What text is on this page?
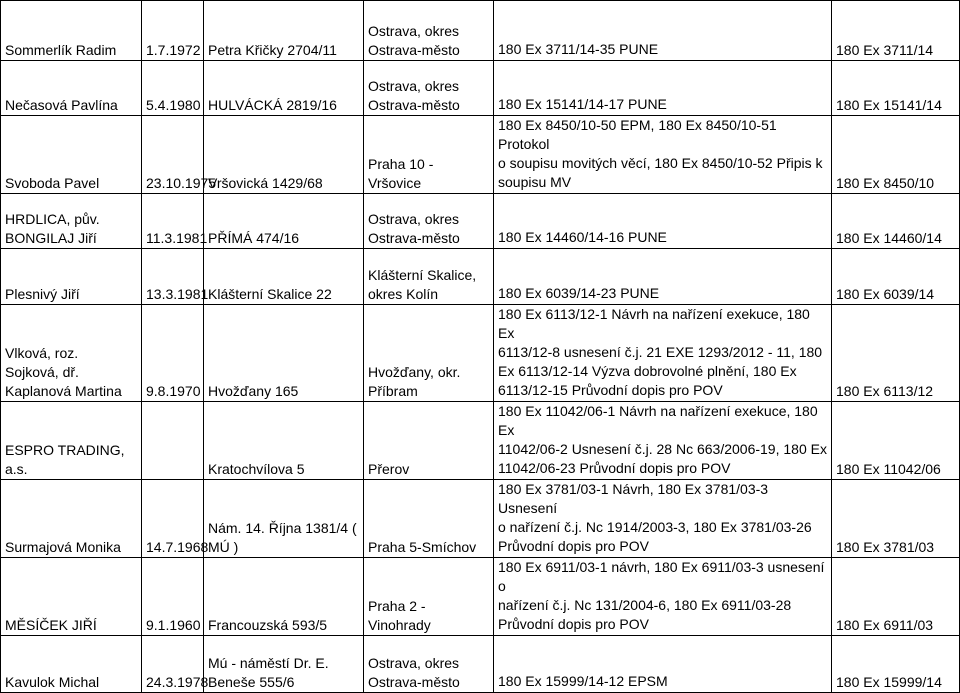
Sommerlík Radim	1.7.1972	Petra Křičky 2704/11	Ostrava, okres
Ostrava-město	180 Ex 3711/14-35 PUNE	180 Ex 3711/14
Nečasová Pavlína	5.4.1980	HULVÁCKÁ 2819/16	Ostrava, okres
Ostrava-město	180 Ex 15141/14-17 PUNE	180 Ex 15141/14
Svoboda Pavel	23.10.1975	Vršovická 1429/68	Praha 10 - Vršovice	180 Ex 8450/10-50 EPM, 180 Ex 8450/10-51 Protokol
o soupisu movitých věcí, 180 Ex 8450/10-52 Připis k
soupisu MV	180 Ex 8450/10
HRDLICA, pův.
BONGILAJ Jiří	11.3.1981	PŘÍMÁ 474/16	Ostrava, okres
Ostrava-město	180 Ex 14460/14-16 PUNE	180 Ex 14460/14
Plesnivý Jiří	13.3.1981	Klášterní Skalice 22	Klášterní Skalice,
okres Kolín	180 Ex 6039/14-23 PUNE	180 Ex 6039/14
Vlková, roz.
Sojková, dř.
Kaplanová Martina	9.8.1970	Hvožďany 165	Hvožďany, okr.
Příbram	180 Ex 6113/12-1 Návrh na nařízení exekuce, 180 Ex
6113/12-8 usnesení č.j. 21 EXE 1293/2012 - 11, 180
Ex 6113/12-14 Výzva dobrovolné plnění, 180 Ex
6113/12-15 Průvodní dopis pro POV	180 Ex 6113/12
ESPRO TRADING,
a.s.		Kratochvílova 5	Přerov	180 Ex 11042/06-1 Návrh na nařízení exekuce, 180 Ex
11042/06-2 Usnesení č.j. 28 Nc 663/2006-19, 180 Ex
11042/06-23 Průvodní dopis pro POV	180 Ex 11042/06
Surmajová Monika	14.7.1968	Nám. 14. Října 1381/4 (
MÚ )	Praha 5-Smíchov	180 Ex 3781/03-1 Návrh, 180 Ex 3781/03-3 Usnesení
o nařízení č.j. Nc 1914/2003-3, 180 Ex 3781/03-26
Průvodní dopis pro POV	180 Ex 3781/03
MĚSÍČEK JIŘÍ	9.1.1960	Francouzská 593/5	Praha 2 -
Vinohrady	180 Ex 6911/03-1 návrh, 180 Ex 6911/03-3 usnesení o
nařízení č.j. Nc 131/2004-6, 180 Ex 6911/03-28
Průvodní dopis pro POV	180 Ex 6911/03
Kavulok Michal	24.3.1978	Mú - náměstí Dr. E.
Beneše 555/6	Ostrava, okres
Ostrava-město	180 Ex 15999/14-12 EPSM	180 Ex 15999/14
